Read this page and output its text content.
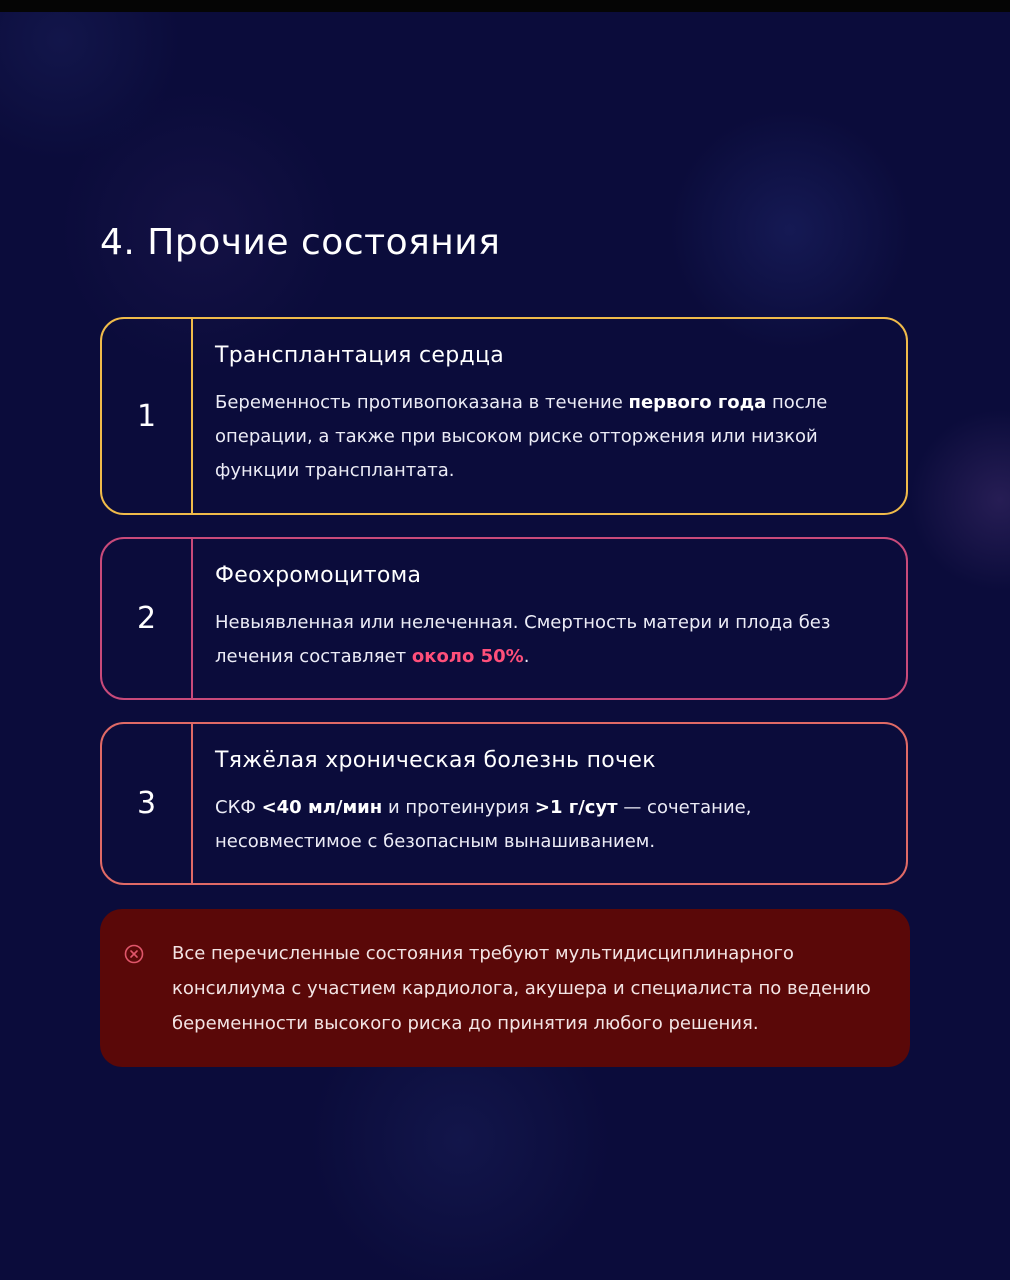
4. Прочие состояния
1
Трансплантация сердца

Беременность противопоказана в течение первого года после операции, а также при высоком риске отторжения или низкой функции трансплантата.

2
Феохромоцитома

Невыявленная или нелеченная. Смертность матери и плода без лечения составляет около 50%.

3
Тяжёлая хроническая болезнь почек

СКФ <40 мл/мин и протеинурия >1 г/сут — сочетание, несовместимое с безопасным вынашиванием.

Все перечисленные состояния требуют мультидисциплинарного консилиума с участием кардиолога, акушера и специалиста по ведению беременности высокого риска до принятия любого решения.
